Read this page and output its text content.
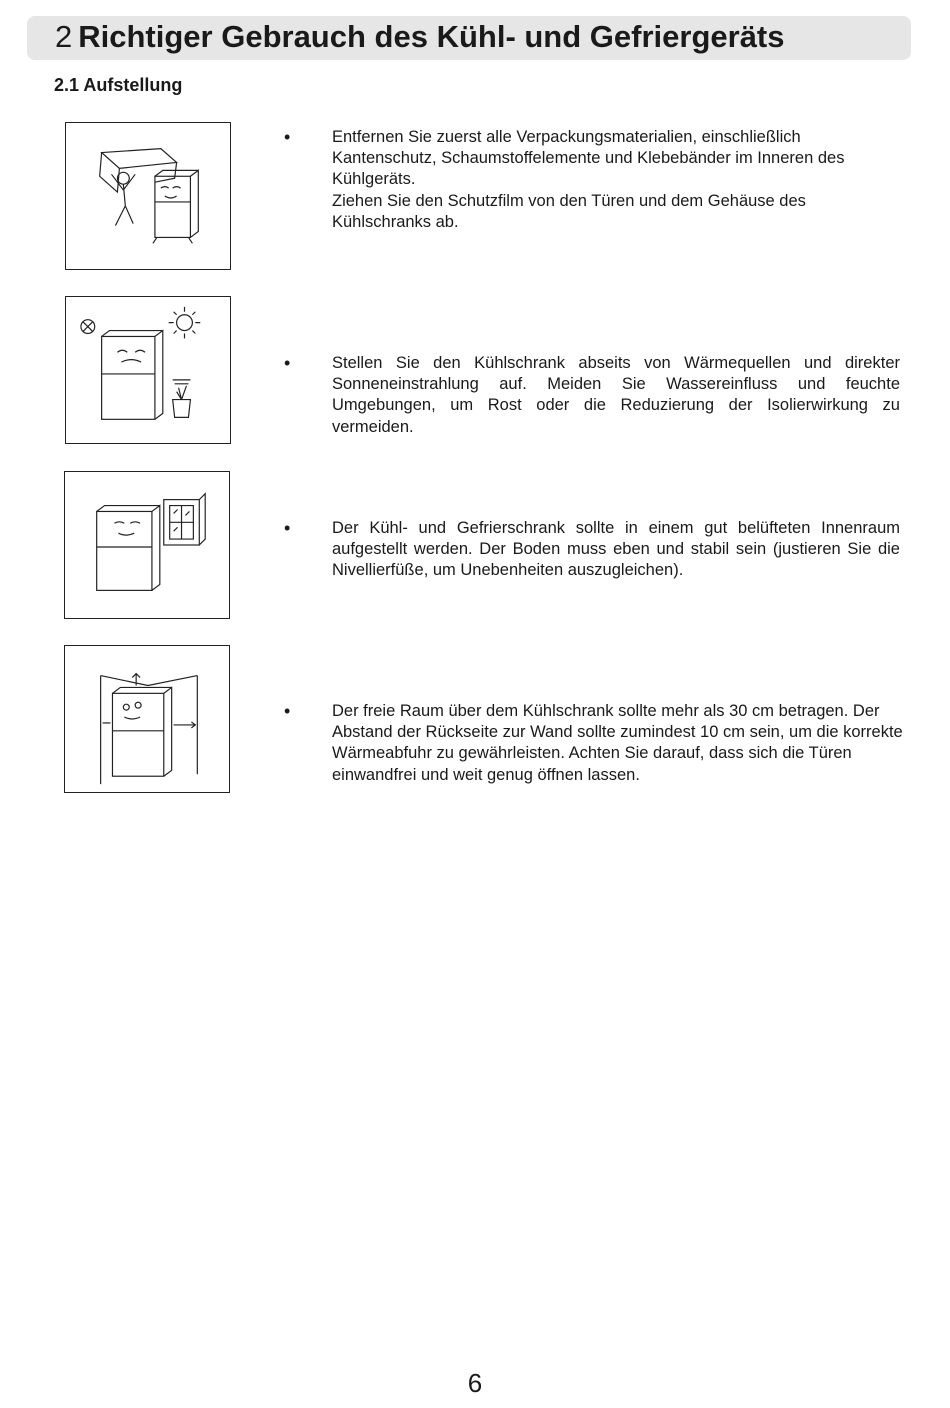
2 Richtiger Gebrauch des Kühl- und Gefriergeräts
2.1 Aufstellung
•	Entfernen Sie zuerst alle Verpackungsmaterialien, einschließlich Kantenschutz, Schaumstoffelemente und Klebebänder im Inneren des Kühlgeräts.

Ziehen Sie den Schutzfilm von den Türen und dem Gehäuse des Kühlschranks ab.

•	Stellen Sie den Kühlschrank abseits von Wärmequellen und direkter Sonneneinstrahlung auf. Meiden Sie Wassereinfluss und feuchte Umgebungen, um Rost oder die Reduzierung der Isolierwirkung zu vermeiden.

•	Der Kühl- und Gefrierschrank sollte in einem gut belüfteten Innenraum aufgestellt werden. Der Boden muss eben und stabil sein (justieren Sie die Nivellierfüße, um Unebenheiten auszugleichen).

•	Der freie Raum über dem Kühlschrank sollte mehr als 30 cm betragen. Der Abstand der Rückseite zur Wand sollte zumindest 10 cm sein, um die korrekte Wärmeabfuhr zu gewährleisten. Achten Sie darauf, dass sich die Türen einwandfrei und weit genug öffnen lassen.

6
